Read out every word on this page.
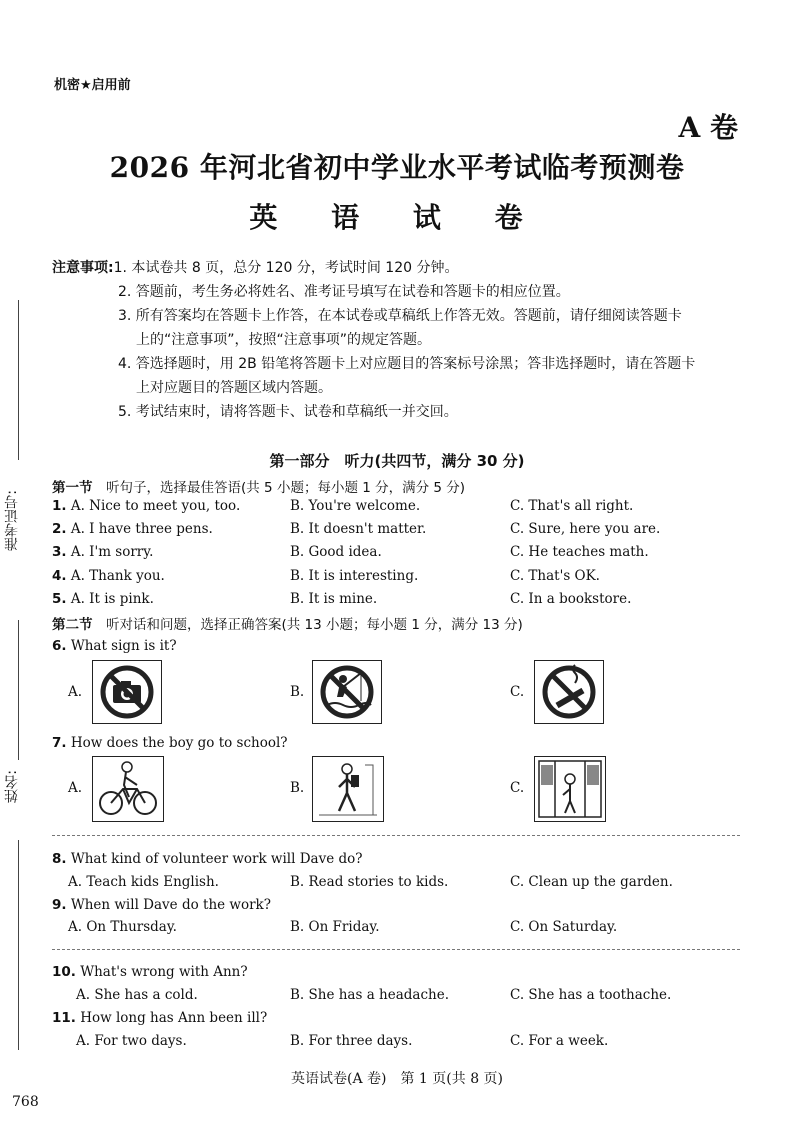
准考证号:
姓名:
机密★启用前
A 卷
2026 年河北省初中学业水平考试临考预测卷
英 语 试 卷
注意事项: 1. 本试卷共 8 页，总分 120 分，考试时间 120 分钟。
2. 答题前，考生务必将姓名、准考证号填写在试卷和答题卡的相应位置。
3. 所有答案均在答题卡上作答，在本试卷或草稿纸上作答无效。答题前，请仔细阅读答题卡
上的“注意事项”，按照“注意事项”的规定答题。
4. 答选择题时，用 2B 铅笔将答题卡上对应题目的答案标号涂黑；答非选择题时，请在答题卡
上对应题目的答题区域内答题。
5. 考试结束时，请将答题卡、试卷和草稿纸一并交回。
第一部分　听力(共四节，满分 30 分)
第一节　听句子，选择最佳答语(共 5 小题；每小题 1 分，满分 5 分)
1. A. Nice to meet you, too.	B. You're welcome.	C. That's all right.
2. A. I have three pens.	B. It doesn't matter.	C. Sure, here you are.
3. A. I'm sorry.	B. Good idea.	C. He teaches math.
4. A. Thank you.	B. It is interesting.	C. That's OK.
5. A. It is pink.	B. It is mine.	C. In a bookstore.
第二节　听对话和问题，选择正确答案(共 13 小题；每小题 1 分，满分 13 分)
6. What sign is it?
A.	B.	C.
7. How does the boy go to school?
A.	B.	C.
8. What kind of volunteer work will Dave do?
A. Teach kids English.	B. Read stories to kids.	C. Clean up the garden.
9. When will Dave do the work?
A. On Thursday.	B. On Friday.	C. On Saturday.
10. What's wrong with Ann?
A. She has a cold.	B. She has a headache.	C. She has a toothache.
11. How long has Ann been ill?
A. For two days.	B. For three days.	C. For a week.
英语试卷(A 卷)　第 1 页(共 8 页)
768
